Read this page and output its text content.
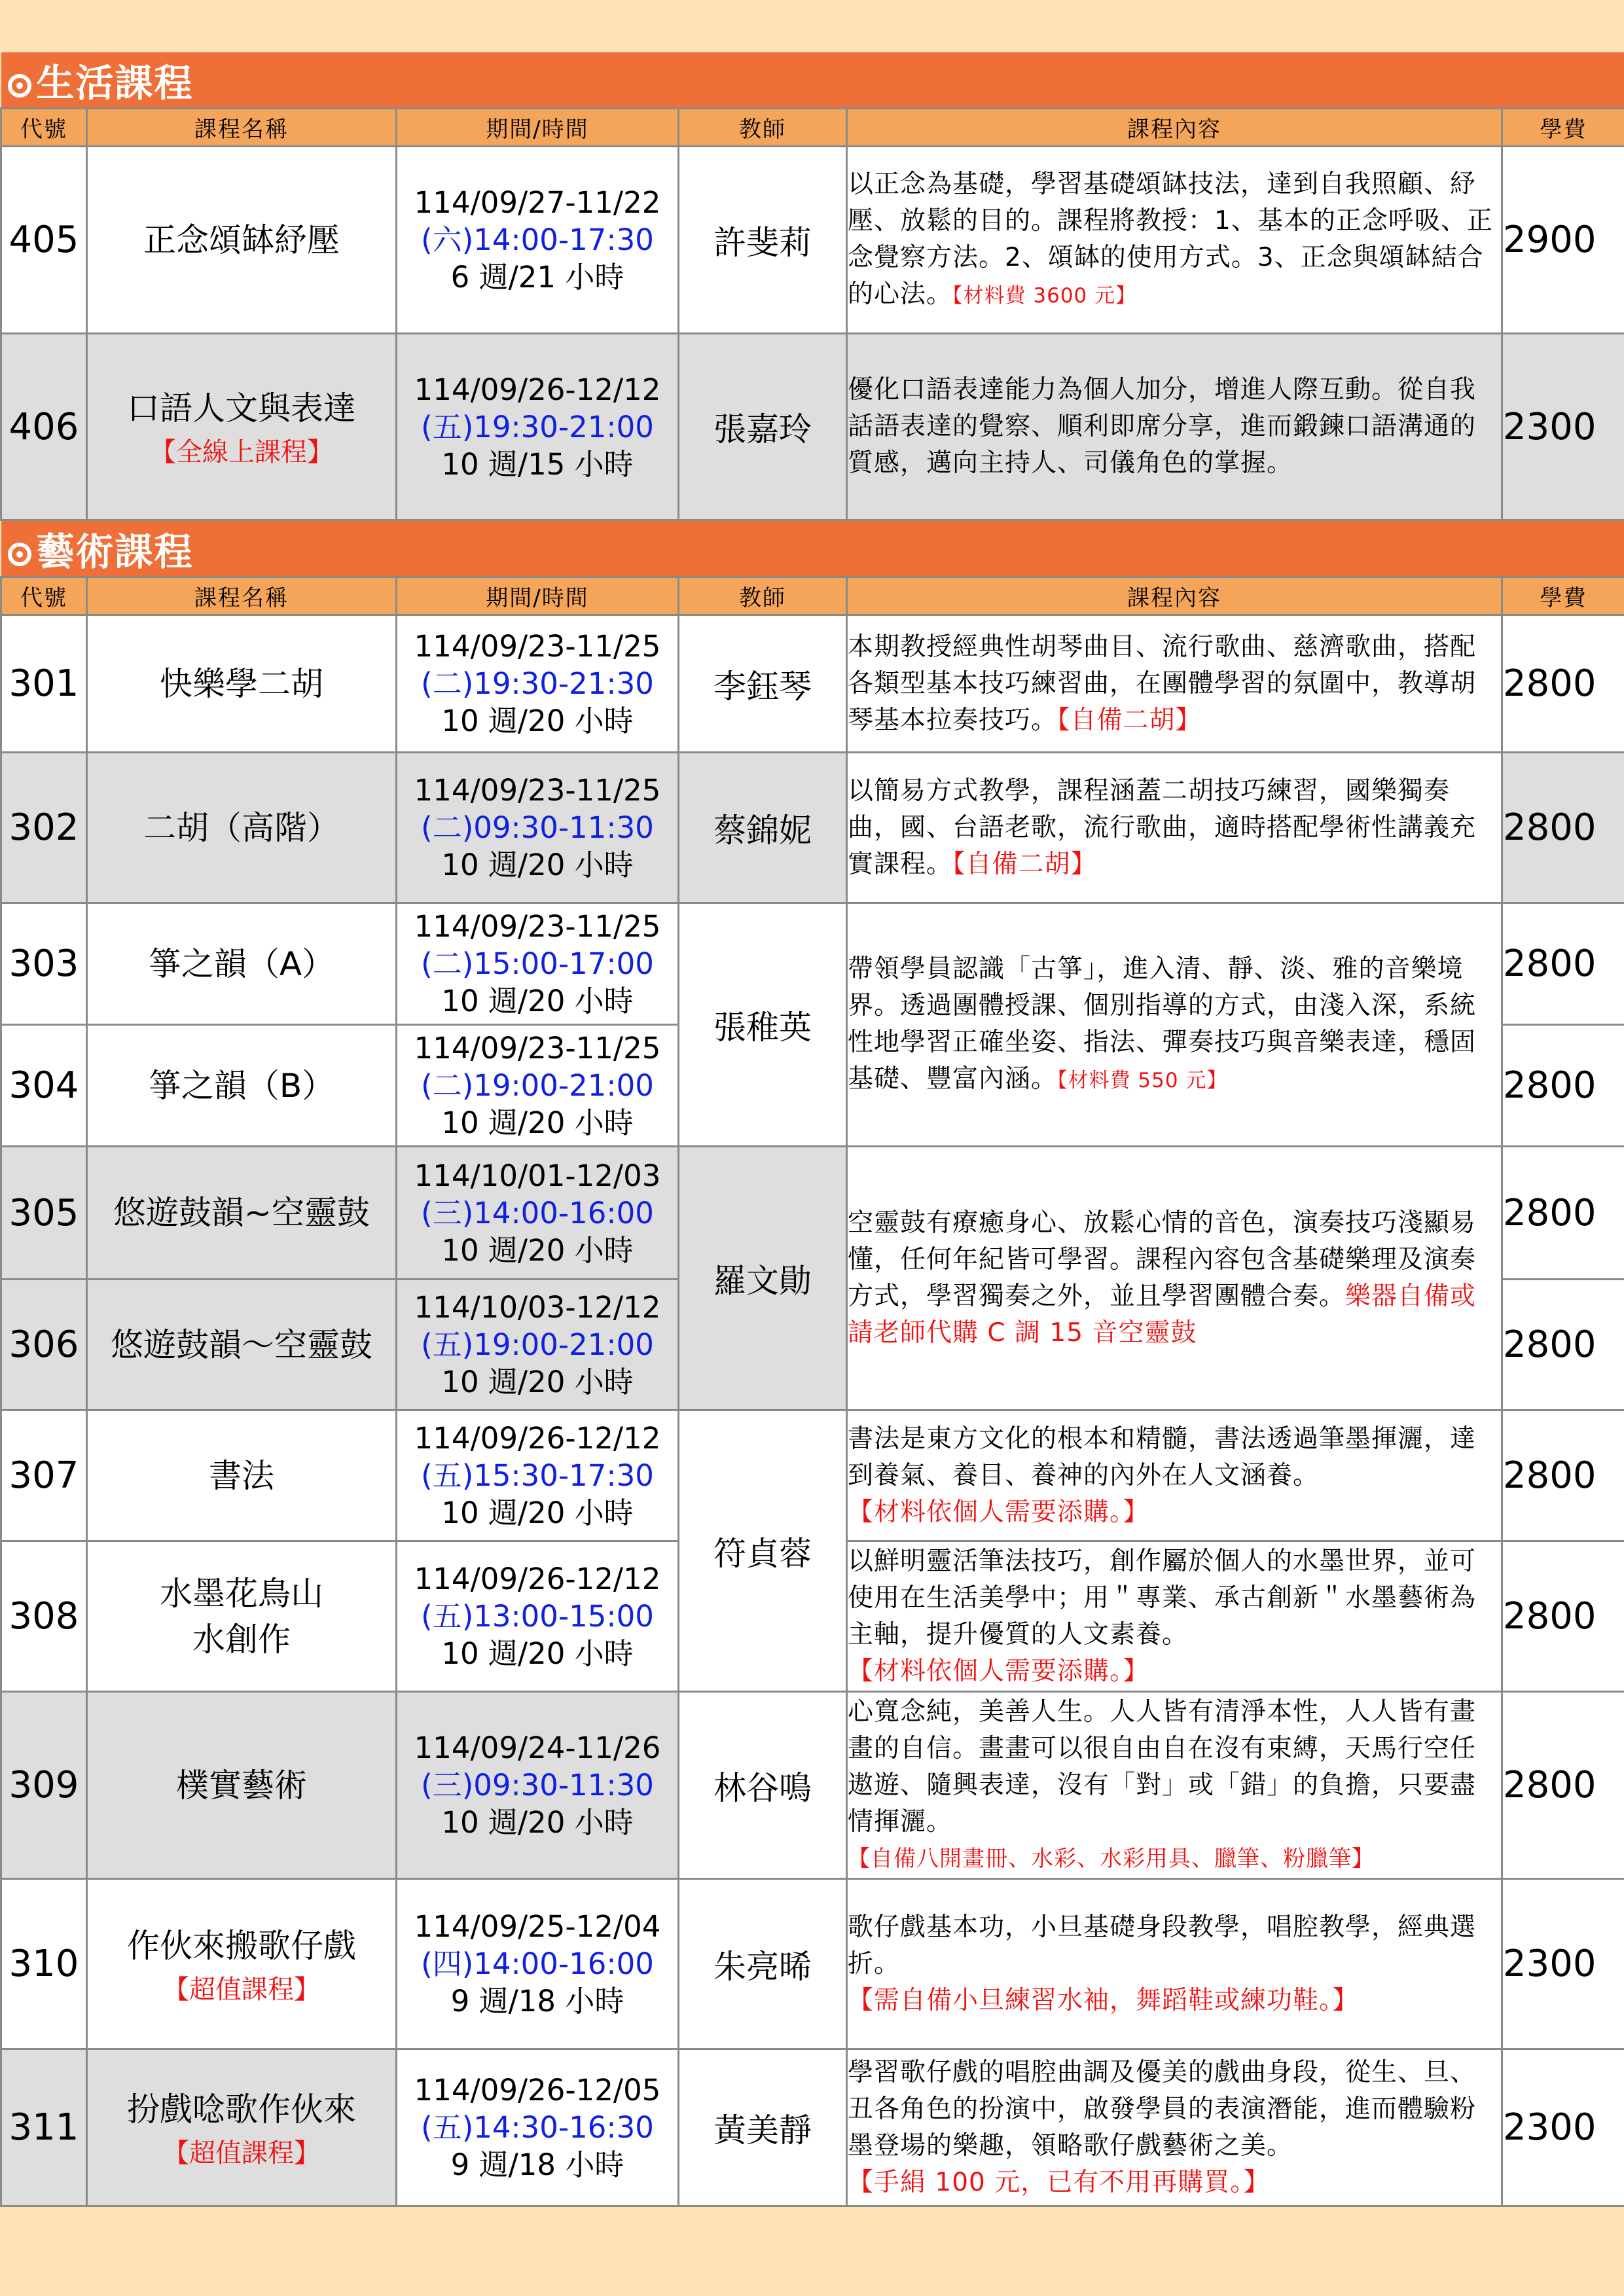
生活課程					
代號	課程名稱	期間/時間	教師	課程內容	學費
405	正念頌缽紓壓	114/09/27-11/22
(六)14:00-17:30
6 週/21 小時	許斐莉	以正念為基礎，學習基礎頌缽技法，達到自我照顧、紓壓、放鬆的目的。課程將教授：1、基本的正念呼吸、正念覺察方法。2、頌缽的使用方式。3、正念與頌缽結合的心法。【材料費 3600 元】	2900
406	口語人文與表達
【全線上課程】	114/09/26-12/12
(五)19:30-21:00
10 週/15 小時	張嘉玲	優化口語表達能力為個人加分，增進人際互動。從自我話語表達的覺察、順利即席分享，進而鍛鍊口語溝通的質感，邁向主持人、司儀角色的掌握。	2300
藝術課程					
代號	課程名稱	期間/時間	教師	課程內容	學費
301	快樂學二胡	114/09/23-11/25
(二)19:30-21:30
10 週/20 小時	李鈺琴	本期教授經典性胡琴曲目、流行歌曲、慈濟歌曲，搭配各類型基本技巧練習曲，在團體學習的氛圍中，教導胡琴基本拉奏技巧。【自備二胡】	2800
302	二胡（高階）	114/09/23-11/25
(二)09:30-11:30
10 週/20 小時	蔡錦妮	以簡易方式教學，課程涵蓋二胡技巧練習，國樂獨奏曲，國、台語老歌，流行歌曲，適時搭配學術性講義充實課程。【自備二胡】	2800
303	箏之韻（A）	114/09/23-11/25
(二)15:00-17:00
10 週/20 小時	張稚英	帶領學員認識「古箏」，進入清、靜、淡、雅的音樂境界。透過團體授課、個別指導的方式，由淺入深，系統性地學習正確坐姿、指法、彈奏技巧與音樂表達，穩固基礎、豐富內涵。【材料費 550 元】	2800
304	箏之韻（B）	114/09/23-11/25
(二)19:00-21:00
10 週/20 小時			2800
305	悠遊鼓韻~空靈鼓	114/10/01-12/03
(三)14:00-16:00
10 週/20 小時	羅文勛	空靈鼓有療癒身心、放鬆心情的音色，演奏技巧淺顯易懂，任何年紀皆可學習。課程內容包含基礎樂理及演奏方式，學習獨奏之外，並且學習團體合奏。樂器自備或請老師代購 C 調 15 音空靈鼓	2800
306	悠遊鼓韻～空靈鼓	114/10/03-12/12
(五)19:00-21:00
10 週/20 小時			2800
307	書法	114/09/26-12/12
(五)15:30-17:30
10 週/20 小時	符貞蓉	書法是東方文化的根本和精髓，書法透過筆墨揮灑，達到養氣、養目、養神的內外在人文涵養。
【材料依個人需要添購。】	2800
308	水墨花鳥山水創作	114/09/26-12/12
(五)13:00-15:00
10 週/20 小時		以鮮明靈活筆法技巧，創作屬於個人的水墨世界，並可使用在生活美學中；用＂專業、承古創新＂水墨藝術為主軸，提升優質的人文素養。
【材料依個人需要添購。】	2800
309	樸實藝術	114/09/24-11/26
(三)09:30-11:30
10 週/20 小時	林谷鳴	心寬念純，美善人生。人人皆有清淨本性，人人皆有畫畫的自信。畫畫可以很自由自在沒有束縛，天馬行空任遨遊、隨興表達，沒有「對」或「錯」的負擔，只要盡情揮灑。
【自備八開畫冊、水彩、水彩用具、臘筆、粉臘筆】	2800
310	作伙來搬歌仔戲
【超值課程】	114/09/25-12/04
(四)14:00-16:00
9 週/18 小時	朱亮晞	歌仔戲基本功，小旦基礎身段教學，唱腔教學，經典選折。
【需自備小旦練習水袖，舞蹈鞋或練功鞋。】	2300
311	扮戲唸歌作伙來
【超值課程】	114/09/26-12/05
(五)14:30-16:30
9 週/18 小時	黃美靜	學習歌仔戲的唱腔曲調及優美的戲曲身段，從生、旦、丑各角色的扮演中，啟發學員的表演潛能，進而體驗粉墨登場的樂趣，領略歌仔戲藝術之美。
【手絹 100 元，已有不用再購買。】	2300
